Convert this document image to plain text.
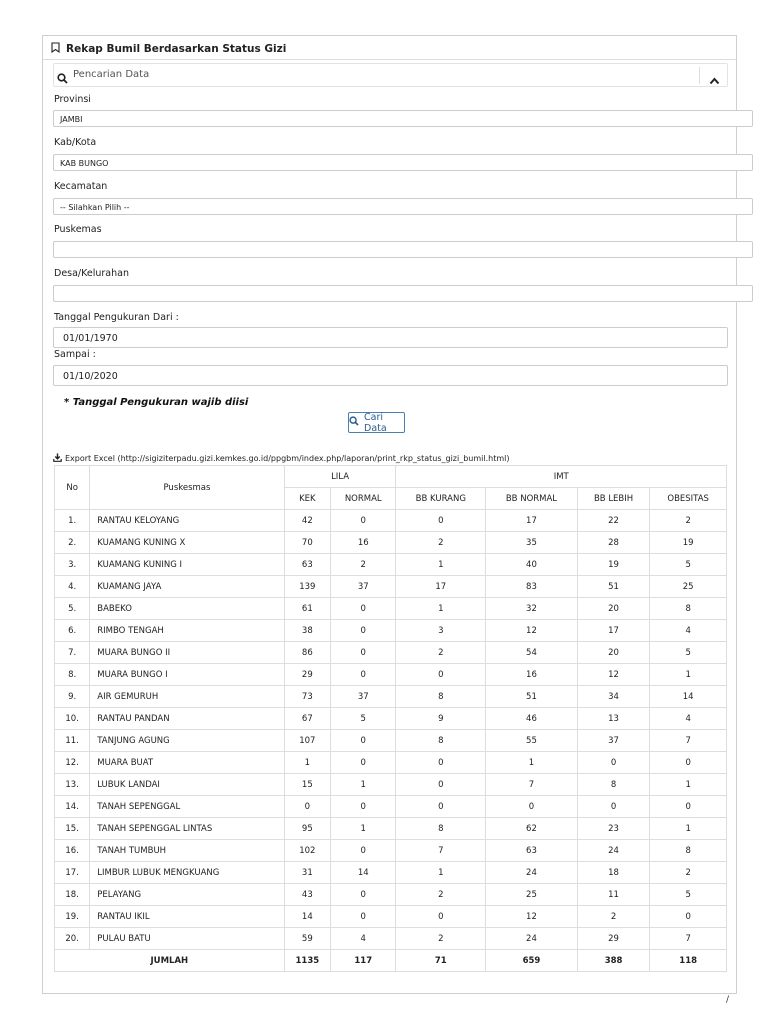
Rekap Bumil Berdasarkan Status Gizi
Pencarian Data
Provinsi
JAMBI
Kab/Kota
KAB BUNGO
Kecamatan
-- Silahkan Pilih --
Puskemas
Desa/Kelurahan
Tanggal Pengukuran Dari :
01/01/1970
Sampai :
01/10/2020
* Tanggal Pengukuran wajib diisi
Cari Data
Export Excel (http://sigiziterpadu.gizi.kemkes.go.id/ppgbm/index.php/laporan/print_rkp_status_gizi_bumil.html)
No	Puskesmas	LILA		IMT			
		KEK	NORMAL	BB KURANG	BB NORMAL	BB LEBIH	OBESITAS
1.	RANTAU KELOYANG	42	0	0	17	22	2
2.	KUAMANG KUNING X	70	16	2	35	28	19
3.	KUAMANG KUNING I	63	2	1	40	19	5
4.	KUAMANG JAYA	139	37	17	83	51	25
5.	BABEKO	61	0	1	32	20	8
6.	RIMBO TENGAH	38	0	3	12	17	4
7.	MUARA BUNGO II	86	0	2	54	20	5
8.	MUARA BUNGO I	29	0	0	16	12	1
9.	AIR GEMURUH	73	37	8	51	34	14
10.	RANTAU PANDAN	67	5	9	46	13	4
11.	TANJUNG AGUNG	107	0	8	55	37	7
12.	MUARA BUAT	1	0	0	1	0	0
13.	LUBUK LANDAI	15	1	0	7	8	1
14.	TANAH SEPENGGAL	0	0	0	0	0	0
15.	TANAH SEPENGGAL LINTAS	95	1	8	62	23	1
16.	TANAH TUMBUH	102	0	7	63	24	8
17.	LIMBUR LUBUK MENGKUANG	31	14	1	24	18	2
18.	PELAYANG	43	0	2	25	11	5
19.	RANTAU IKIL	14	0	0	12	2	0
20.	PULAU BATU	59	4	2	24	29	7
JUMLAH		1135	117	71	659	388	118
/
